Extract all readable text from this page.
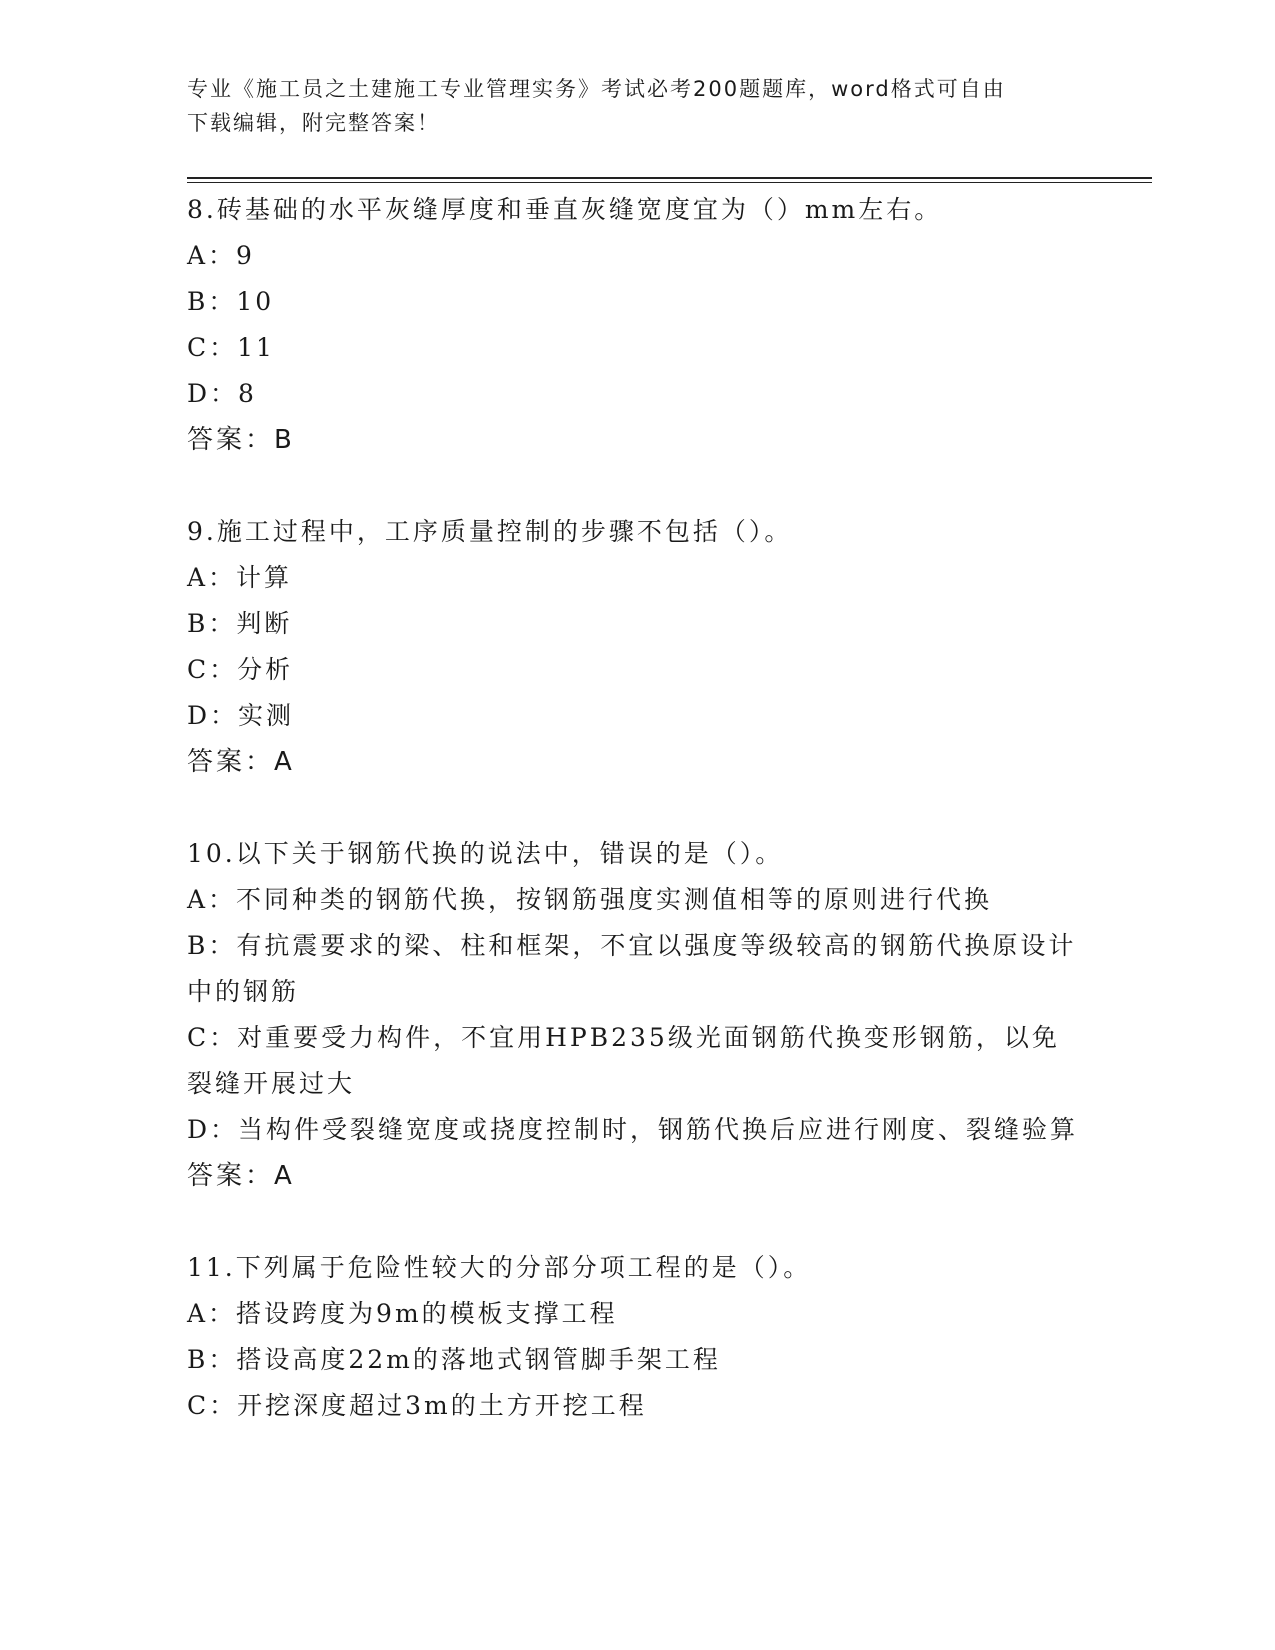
专业《施工员之土建施工专业管理实务》考试必考200题题库，word格式可自由
下载编辑，附完整答案！
8.砖基础的水平灰缝厚度和垂直灰缝宽度宜为（）mm左右。
A：9
B：10
C：11
D：8
答案：B
9.施工过程中，工序质量控制的步骤不包括（）。
A：计算
B：判断
C：分析
D：实测
答案：A
10.以下关于钢筋代换的说法中，错误的是（）。
A：不同种类的钢筋代换，按钢筋强度实测值相等的原则进行代换
B：有抗震要求的梁、柱和框架，不宜以强度等级较高的钢筋代换原设计中的钢筋
C：对重要受力构件，不宜用HPB235级光面钢筋代换变形钢筋，以免裂缝开展过大
D：当构件受裂缝宽度或挠度控制时，钢筋代换后应进行刚度、裂缝验算
答案：A
11.下列属于危险性较大的分部分项工程的是（）。
A：搭设跨度为9m的模板支撑工程
B：搭设高度22m的落地式钢管脚手架工程
C：开挖深度超过3m的土方开挖工程
